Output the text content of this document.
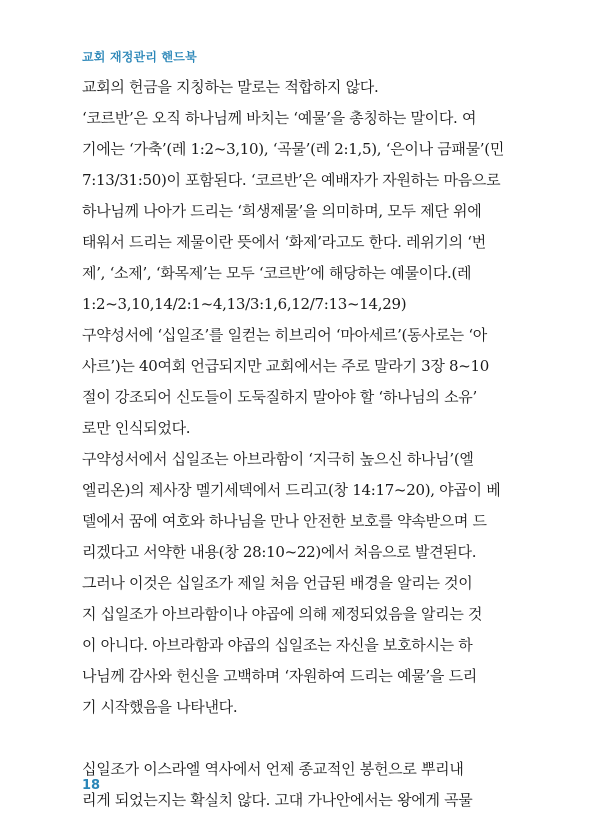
교회 재정관리 핸드북
교회의 헌금을 지칭하는 말로는 적합하지 않다.
‘코르반’은 오직 하나님께 바치는 ‘예물’을 총칭하는 말이다. 여
기에는 ‘가축’(레 1:2~3,10), ‘곡물’(레 2:1,5), ‘은이나 금패물’(민
7:13/31:50)이 포함된다. ‘코르반’은 예배자가 자원하는 마음으로
하나님께 나아가 드리는 ‘희생제물’을 의미하며, 모두 제단 위에
태워서 드리는 제물이란 뜻에서 ‘화제’라고도 한다. 레위기의 ‘번
제’, ‘소제’, ‘화목제’는 모두 ‘코르반’에 해당하는 예물이다.(레
1:2~3,10,14/2:1~4,13/3:1,6,12/7:13~14,29)
구약성서에 ‘십일조’를 일컫는 히브리어 ‘마아세르’(동사로는 ‘아
사르’)는 40여회 언급되지만 교회에서는 주로 말라기 3장 8~10
절이 강조되어 신도들이 도둑질하지 말아야 할 ‘하나님의 소유’
로만 인식되었다.
구약성서에서 십일조는 아브라함이 ‘지극히 높으신 하나님’(엘
엘리온)의 제사장 멜기세덱에서 드리고(창 14:17~20), 야곱이 베
델에서 꿈에 여호와 하나님을 만나 안전한 보호를 약속받으며 드
리겠다고 서약한 내용(창 28:10~22)에서 처음으로 발견된다.
그러나 이것은 십일조가 제일 처음 언급된 배경을 알리는 것이
지 십일조가 아브라함이나 야곱에 의해 제정되었음을 알리는 것
이 아니다. 아브라함과 야곱의 십일조는 자신을 보호하시는 하
나님께 감사와 헌신을 고백하며 ‘자원하여 드리는 예물’을 드리
기 시작했음을 나타낸다.
십일조가 이스라엘 역사에서 언제 종교적인 봉헌으로 뿌리내
리게 되었는지는 확실치 않다. 고대 가나안에서는 왕에게 곡물
18
